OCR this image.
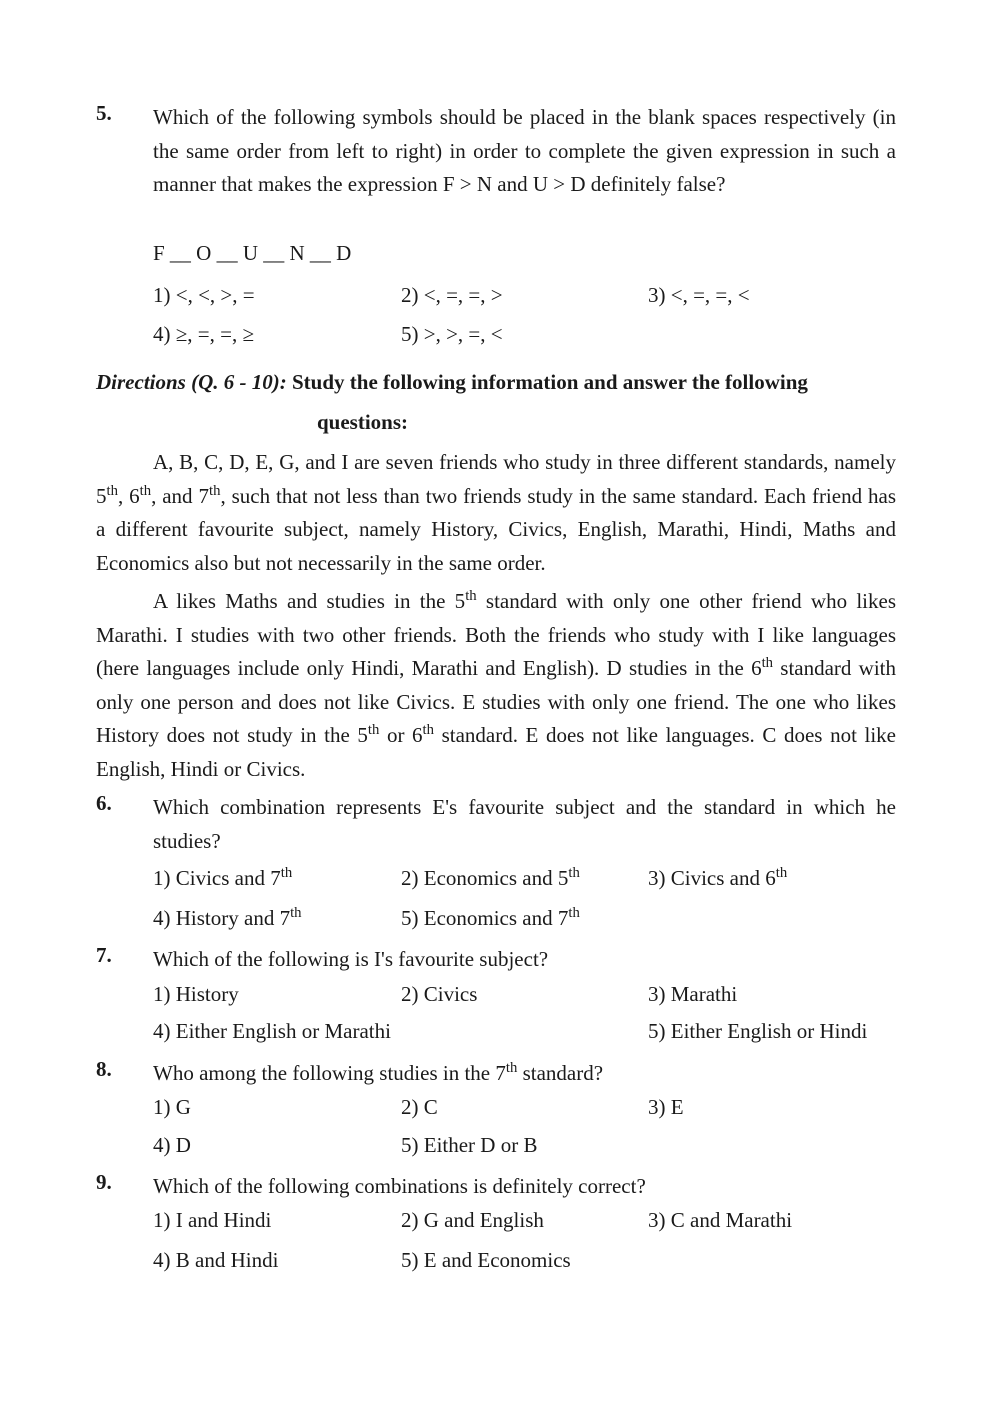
5. Which of the following symbols should be placed in the blank spaces respectively (in the same order from left to right) in order to complete the given expression in such a manner that makes the expression F > N and U > D definitely false?
F __ O __ U __ N __ D
1) <, <, >, =	2) <, =, =, >	3) <, =, =, <
4) ≥, =, =, ≥	5) >, >, =, <
Directions (Q. 6 - 10): Study the following information and answer the following
questions:
A, B, C, D, E, G, and I are seven friends who study in three different standards, namely 5th, 6th, and 7th, such that not less than two friends study in the same standard. Each friend has a different favourite subject, namely History, Civics, English, Marathi, Hindi, Maths and Economics also but not necessarily in the same order.
A likes Maths and studies in the 5th standard with only one other friend who likes Marathi. I studies with two other friends. Both the friends who study with I like languages (here languages include only Hindi, Marathi and English). D studies in the 6th standard with only one person and does not like Civics. E studies with only one friend. The one who likes History does not study in the 5th or 6th standard. E does not like languages. C does not like English, Hindi or Civics.
6. Which combination represents E's favourite subject and the standard in which he studies?
1) Civics and 7th	2) Economics and 5th	3) Civics and 6th
4) History and 7th	5) Economics and 7th
7. Which of the following is I's favourite subject?
1) History	2) Civics	3) Marathi
4) Either English or Marathi	5) Either English or Hindi
8. Who among the following studies in the 7th standard?
1) G	2) C	3) E
4) D	5) Either D or B
9. Which of the following combinations is definitely correct?
1) I and Hindi	2) G and English	3) C and Marathi
4) B and Hindi	5) E and Economics
